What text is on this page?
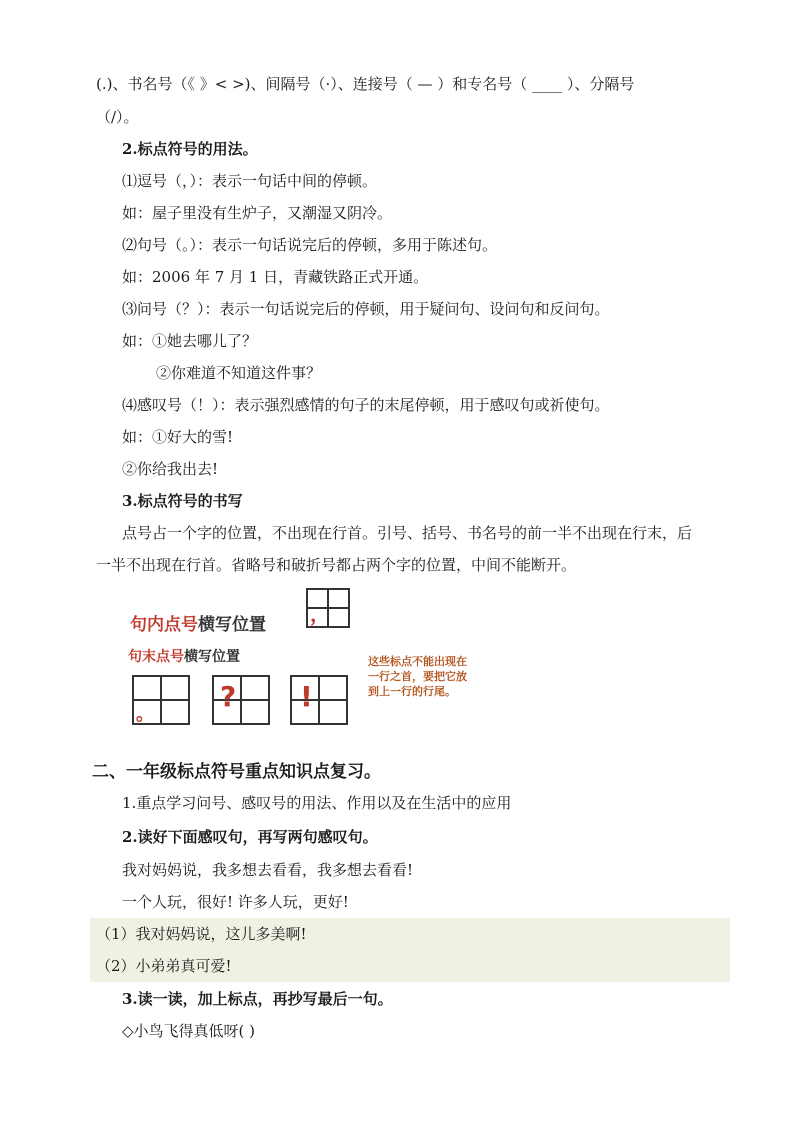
(.)、书名号（《 》< >)、间隔号（·）、连接号（ — ）和专名号（ ____ ）、分隔号
（/）。
2.标点符号的用法。
⑴逗号（，）：表示一句话中间的停顿。
如：屋子里没有生炉子，又潮湿又阴冷。
⑵句号（。）：表示一句话说完后的停顿，多用于陈述句。
如：2006 年 7 月 1 日，青藏铁路正式开通。
⑶问号（？）：表示一句话说完后的停顿，用于疑问句、设问句和反问句。
如：①她去哪儿了？
②你难道不知道这件事？
⑷感叹号（！）：表示强烈感情的句子的末尾停顿，用于感叹句或祈使句。
如：①好大的雪!
②你给我出去!
3.标点符号的书写
点号占一个字的位置，不出现在行首。引号、括号、书名号的前一半不出现在行末，后
一半不出现在行首。省略号和破折号都占两个字的位置，中间不能断开。
句内点号横写位置 ，
句末点号横写位置
。
? !
这些标点不能出现在一行之首，要把它放到上一行的行尾。
二、一年级标点符号重点知识点复习。
1.重点学习问号、感叹号的用法、作用以及在生活中的应用
2.读好下面感叹句，再写两句感叹句。
我对妈妈说，我多想去看看，我多想去看看!
一个人玩，很好! 许多人玩，更好!
（1）我对妈妈说，这儿多美啊!
（2）小弟弟真可爱!
3.读一读，加上标点，再抄写最后一句。
◇小鸟飞得真低呀( )
